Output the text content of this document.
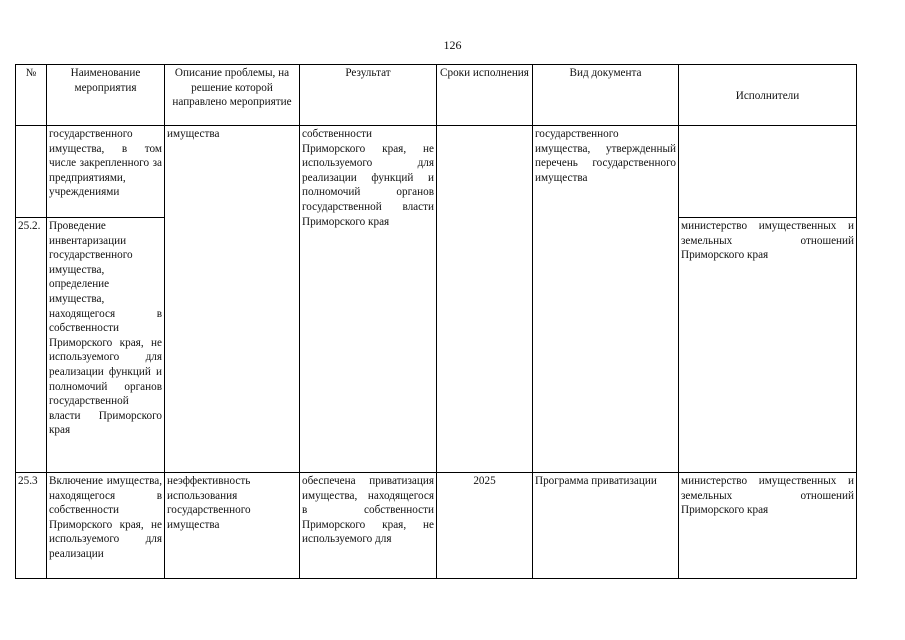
126
№	Наименование мероприятия	Описание проблемы, на решение которой направлено мероприятие	Результат	Сроки исполнения	Вид документа	Исполнители
	государственного имущества, в том числе закрепленного за предприятиями, учреждениями	имущества	собственности Приморского края, не используемого для реализации функций и полномочий органов государственной власти Приморского края		государственного имущества, утвержденный перечень государственного имущества	
25.2.	Проведение инвентаризации государственного имущества, определение имущества, находящегося в собственности Приморского края, не используемого для реализации функций и полномочий органов государственной власти Приморского края					министерство имущественных и земельных отношений Приморского края
25.3	Включение имущества, находящегося в собственности Приморского края, не используемого для реализации	неэффективность использования государственного имущества	обеспечена приватизация имущества, находящегося в собственности Приморского края, не используемого для	2025	Программа приватизации	министерство имущественных и земельных отношений Приморского края
